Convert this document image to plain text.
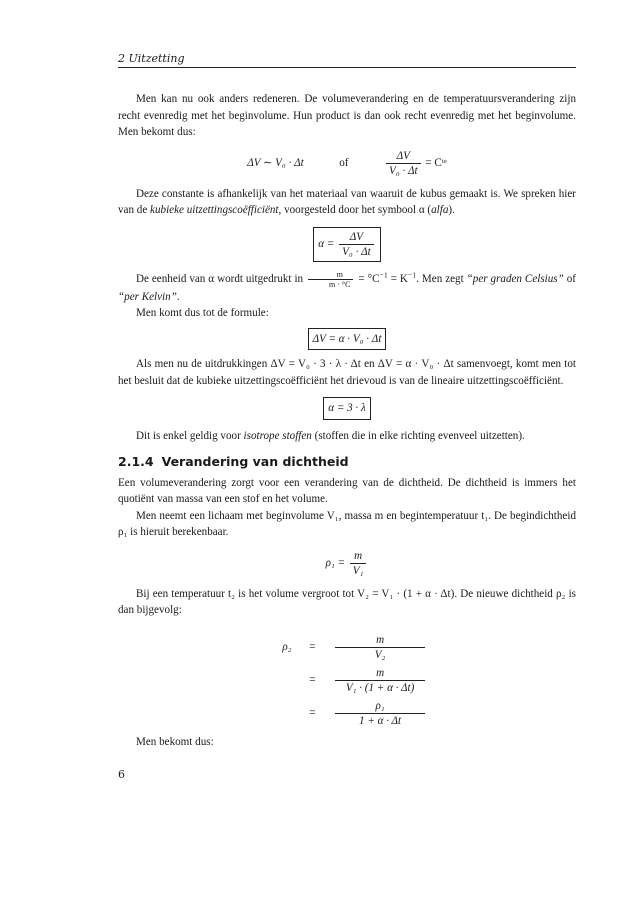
2 Uitzetting

Men kan nu ook anders redeneren. De volumeverandering en de temperatuursverandering zijn recht evenredig met het beginvolume. Hun product is dan ook recht evenredig met het beginvolume. Men bekomt dus:

ΔV ∼ V₀ · Δt	of	$\frac{\Delta V}{\text{V₀ · Δt}}$ = Cᵗᵉ

Deze constante is afhankelijk van het materiaal van waaruit de kubus gemaakt is. We spreken hier van de kubieke uitzettingscoëfficiënt, voorgesteld door het symbool α (alfa).

$\alpha = \frac{\Delta V}{\text{V₀ · Δt}}$

De eenheid van α wordt uitgedrukt in $\frac{m}{m \cdot ^\circ C} = ^\circ C^{-1} = K^{-1}$. Men zegt “per graden Celsius” of “per Kelvin”.

Men komt dus tot de formule:

ΔV = α · V₀ · Δt

Als men nu de uitdrukkingen ΔV = V₀ · 3 · λ · Δt en ΔV = α · V₀ · Δt samenvoegt, komt men tot het besluit dat de kubieke uitzettingscoëfficiënt het drievoud is van de lineaire uitzettingscoëfficiënt.

α = 3 · λ

Dit is enkel geldig voor isotrope stoffen (stoffen die in elke richting evenveel uitzetten).

2.1.4 Verandering van dichtheid

Een volumeverandering zorgt voor een verandering van de dichtheid. De dichtheid is immers het quotiënt van massa van een stof en het volume.

Men neemt een lichaam met beginvolume V₁, massa m en begintemperatuur t₁. De begindichtheid ρ₁ is hieruit berekenbaar.

$\rho_1 = \frac{m}{\text{V₁}}$

Bij een temperatuur t₂ is het volume vergroot tot V₂ = V₁ · (1 + α · Δt). De nieuwe dichtheid ρ₂ is dan bijgevolg:

ρ₂	=	$\frac{m}{\text{V₂}}$
=	$\frac{m}{\text{V₁ · (1 + α · Δt)}}$
=	$\frac{\text{ρ₁}}{1 + \alpha \cdot \Delta t}$

Men bekomt dus:

6
